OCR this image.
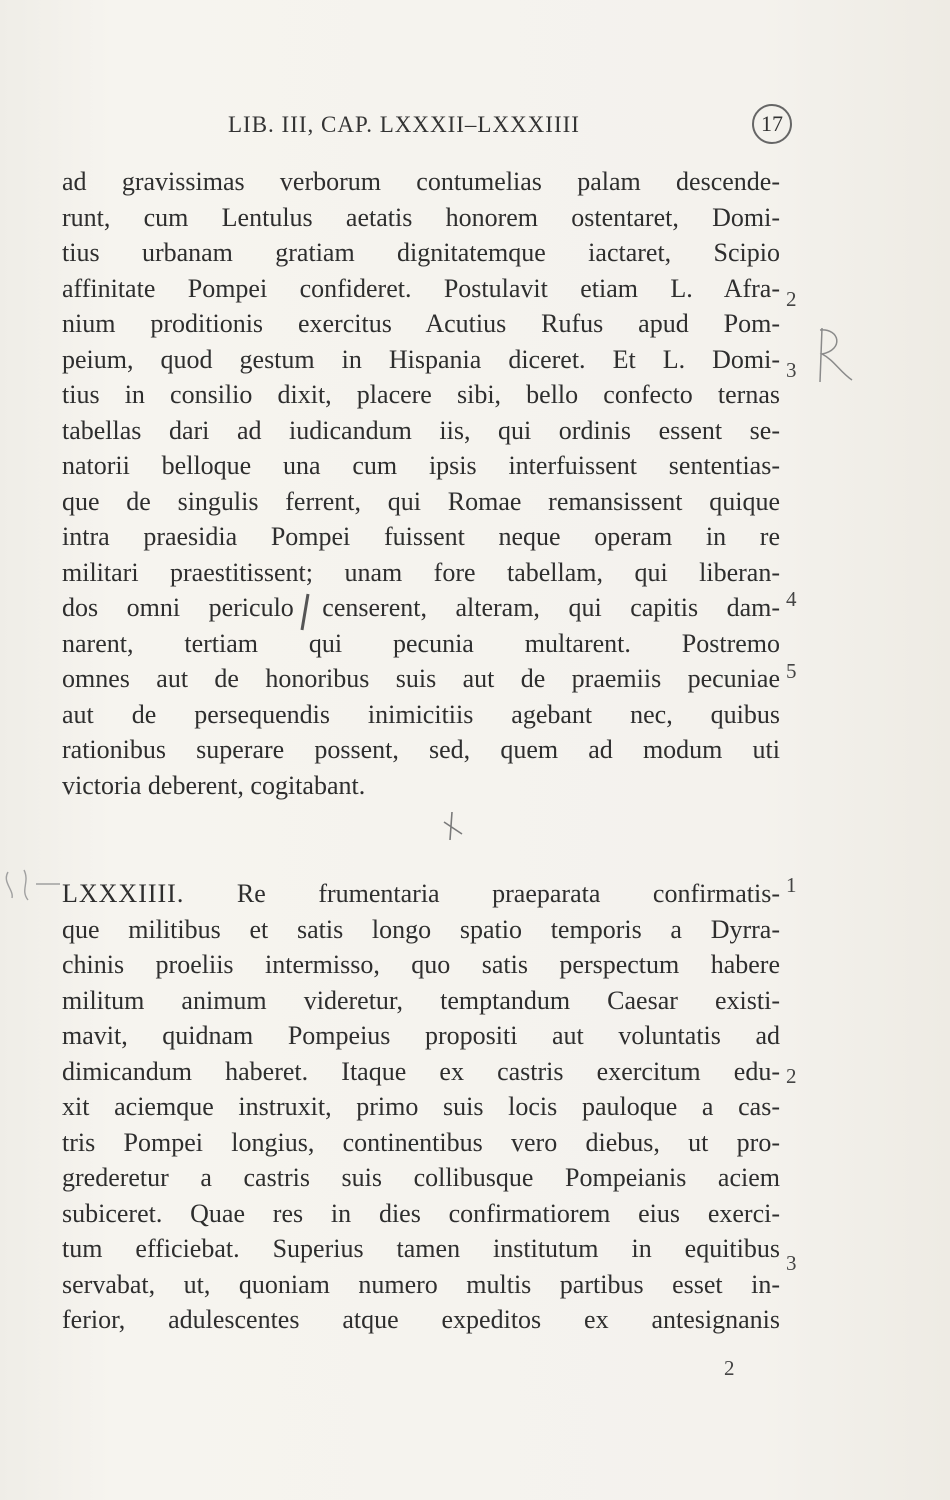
LIB. III, CAP. LXXXII–LXXXIIII	17
ad gravissimas verborum contumelias palam descende-
runt, cum Lentulus aetatis honorem ostentaret, Domi-
tius urbanam gratiam dignitatemque iactaret, Scipio
affinitate Pompei confideret. Postulavit etiam L. Afra-
nium proditionis exercitus Acutius Rufus apud Pom-
peium, quod gestum in Hispania diceret. Et L. Domi-
tius in consilio dixit, placere sibi, bello confecto ternas
tabellas dari ad iudicandum iis, qui ordinis essent se-
natorii belloque una cum ipsis interfuissent sententias-
que de singulis ferrent, qui Romae remansissent quique
intra praesidia Pompei fuissent neque operam in re
militari praestitissent; unam fore tabellam, qui liberan-
dos omni periculo censerent, alteram, qui capitis dam-
narent, tertiam qui pecunia multarent. Postremo
omnes aut de honoribus suis aut de praemiis pecuniae
aut de persequendis inimicitiis agebant nec, quibus
rationibus superare possent, sed, quem ad modum uti
victoria deberent, cogitabant.
LXXXIIII. Re frumentaria praeparata confirmatis-
que militibus et satis longo spatio temporis a Dyrra-
chinis proeliis intermisso, quo satis perspectum habere
militum animum videretur, temptandum Caesar existi-
mavit, quidnam Pompeius propositi aut voluntatis ad
dimicandum haberet. Itaque ex castris exercitum edu-
xit aciemque instruxit, primo suis locis pauloque a cas-
tris Pompei longius, continentibus vero diebus, ut pro-
grederetur a castris suis collibusque Pompeianis aciem
subiceret. Quae res in dies confirmatiorem eius exerci-
tum efficiebat. Superius tamen institutum in equitibus
servabat, ut, quoniam numero multis partibus esset in-
ferior, adulescentes atque expeditos ex antesignanis
2
3
4
5
1
2
3
2
